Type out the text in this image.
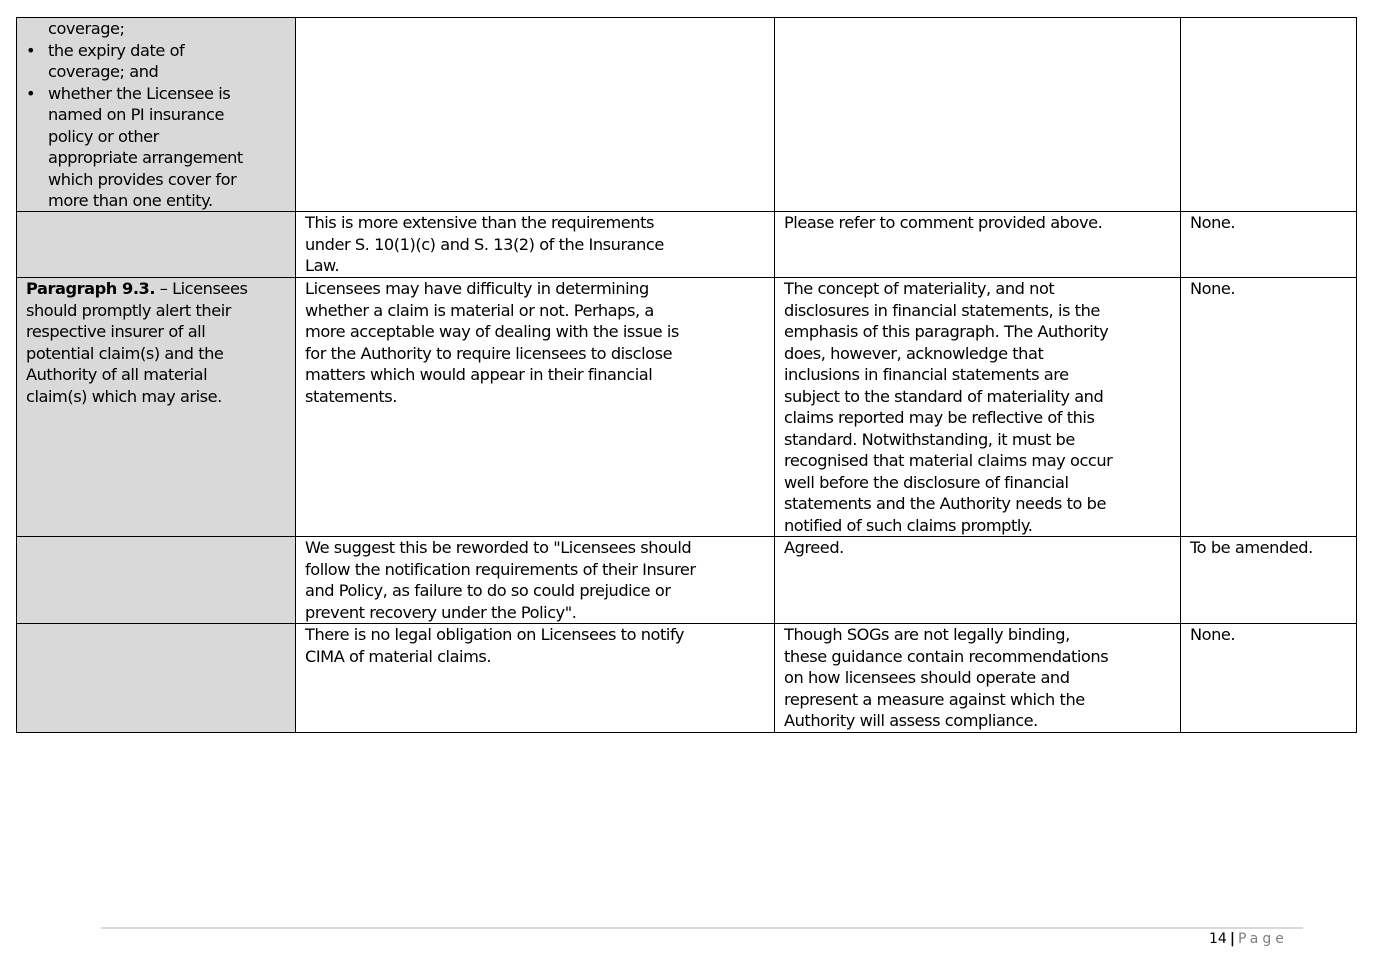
coverage;
• the expiry date of
coverage; and
• whether the Licensee is
named on PI insurance
policy or other
appropriate arrangement
which provides cover for
more than one entity.
This is more extensive than the requirements
under S. 10(1)(c) and S. 13(2) of the Insurance
Law.
Please refer to comment provided above.	None.
Paragraph 9.3. – Licensees
should promptly alert their
respective insurer of all
potential claim(s) and the
Authority of all material
claim(s) which may arise.
Licensees may have difficulty in determining
whether a claim is material or not. Perhaps, a
more acceptable way of dealing with the issue is
for the Authority to require licensees to disclose
matters which would appear in their financial
statements.
The concept of materiality, and not
disclosures in financial statements, is the
emphasis of this paragraph. The Authority
does, however, acknowledge that
inclusions in financial statements are
subject to the standard of materiality and
claims reported may be reflective of this
standard. Notwithstanding, it must be
recognised that material claims may occur
well before the disclosure of financial
statements and the Authority needs to be
notified of such claims promptly.
None.
We suggest this be reworded to "Licensees should
follow the notification requirements of their Insurer
and Policy, as failure to do so could prejudice or
prevent recovery under the Policy".
Agreed.	To be amended.
There is no legal obligation on Licensees to notify
CIMA of material claims.
Though SOGs are not legally binding,
these guidance contain recommendations
on how licensees should operate and
represent a measure against which the
Authority will assess compliance.
None.
14 | Page
